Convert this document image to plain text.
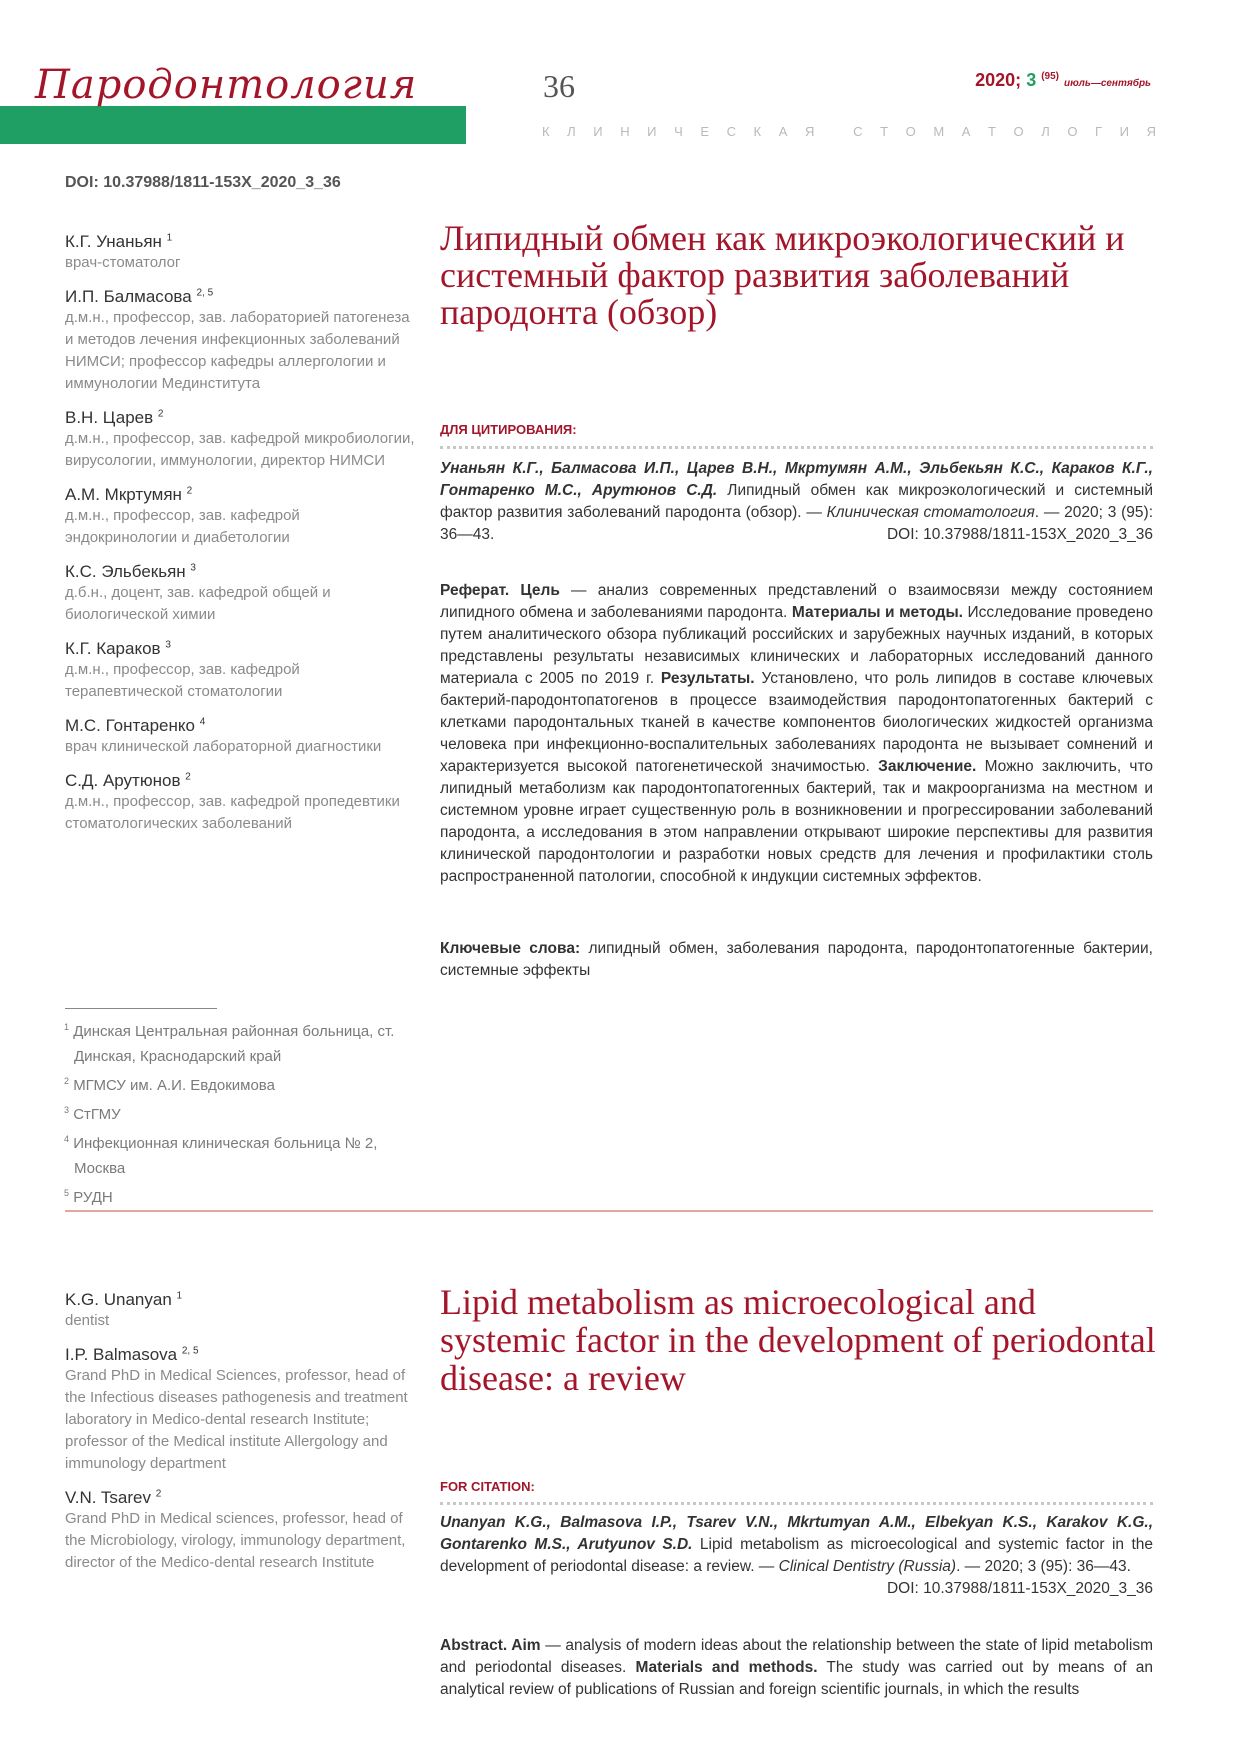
Пародонтология	36	2020; 3 $^{(95)}$ июль—сентябрь
К Л И Н И Ч Е С К А Я
	С Т О М А Т О Л О Г И Я
DOI: 10.37988/1811-153X_2020_3_36
К.Г. Унаньян $^1$
врач-стоматолог
И.П. Балмасова $^{2, 5}$
д.м.н., профессор, зав. лабораторией патогенеза и методов лечения инфекционных заболеваний НИМСИ; профессор кафедры аллергологии и иммунологии Мединститута
В.Н. Царев $^2$
д.м.н., профессор, зав. кафедрой микробиологии, вирусологии, иммунологии, директор НИМСИ
А.М. Мкртумян $^2$
д.м.н., профессор, зав. кафедрой эндокринологии и диабетологии
К.С. Эльбекьян $^3$
д.б.н., доцент, зав. кафедрой общей и биологической химии
К.Г. Караков $^3$
д.м.н., профессор, зав. кафедрой терапевтической стоматологии
М.С. Гонтаренко $^4$
врач клинической лабораторной диагностики
С.Д. Арутюнов $^2$
д.м.н., профессор, зав. кафедрой пропедевтики стоматологических заболеваний
$^1$ Динская Центральная районная больница, ст. Динская, Краснодарский край
$^2$ МГМСУ им. А.И. Евдокимова
$^3$ СтГМУ
$^4$ Инфекционная клиническая больница № 2, Москва
$^5$ РУДН
Липидный обмен как микроэкологический и системный фактор развития заболеваний пародонта (обзор)
ДЛЯ ЦИТИРОВАНИЯ:
Унаньян К.Г., Балмасова И.П., Царев В.Н., Мкртумян А.М., Эльбекьян К.С., Караков К.Г., Гонтаренко М.С., Арутюнов С.Д. Липидный обмен как микроэкологический и системный фактор развития заболеваний пародонта (обзор). — Клиническая стоматология. — 2020; 3 (95): 36—43.	DOI: 10.37988/1811-153X_2020_3_36
Реферат. Цель — анализ современных представлений о взаимосвязи между состоянием липидного обмена и заболеваниями пародонта. Материалы и методы. Исследование проведено путем аналитического обзора публикаций российских и зарубежных научных изданий, в которых представлены результаты независимых клинических и лабораторных исследований данного материала с 2005 по 2019 г. Результаты. Установлено, что роль липидов в составе ключевых бактерий-пародонтопатогенов в процессе взаимодействия пародонтопатогенных бактерий с клетками пародонтальных тканей в качестве компонентов биологических жидкостей организма человека при инфекционно-воспалительных заболеваниях пародонта не вызывает сомнений и характеризуется высокой патогенетической значимостью. Заключение. Можно заключить, что липидный метаболизм как пародонтопатогенных бактерий, так и макроорганизма на местном и системном уровне играет существенную роль в возникновении и прогрессировании заболеваний пародонта, а исследования в этом направлении открывают широкие перспективы для развития клинической пародонтологии и разработки новых средств для лечения и профилактики столь распространенной патологии, способной к индукции системных эффектов.
Ключевые слова: липидный обмен, заболевания пародонта, пародонтопатогенные бактерии, системные эффекты
K.G. Unanyan $^1$
dentist
I.P. Balmasova $^{2, 5}$
Grand PhD in Medical Sciences, professor, head of the Infectious diseases pathogenesis and treatment laboratory in Medico-dental research Institute; professor of the Medical institute Allergology and immunology department
V.N. Tsarev $^2$
Grand PhD in Medical sciences, professor, head of the Microbiology, virology, immunology department, director of the Medico-dental research Institute
Lipid metabolism as microecological and systemic factor in the development of periodontal disease: a review
FOR CITATION:
Unanyan K.G., Balmasova I.P., Tsarev V.N., Mkrtumyan A.M., Elbekyan K.S., Karakov K.G., Gontarenko M.S., Arutyunov S.D. Lipid metabolism as microecological and systemic factor in the development of periodontal disease: a review. — Clinical Dentistry (Russia). — 2020; 3 (95): 36—43.
DOI: 10.37988/1811-153X_2020_3_36
Abstract. Aim — analysis of modern ideas about the relationship between the state of lipid metabolism and periodontal diseases. Materials and methods. The study was carried out by means of an analytical review of publications of Russian and foreign scientific journals, in which the results
